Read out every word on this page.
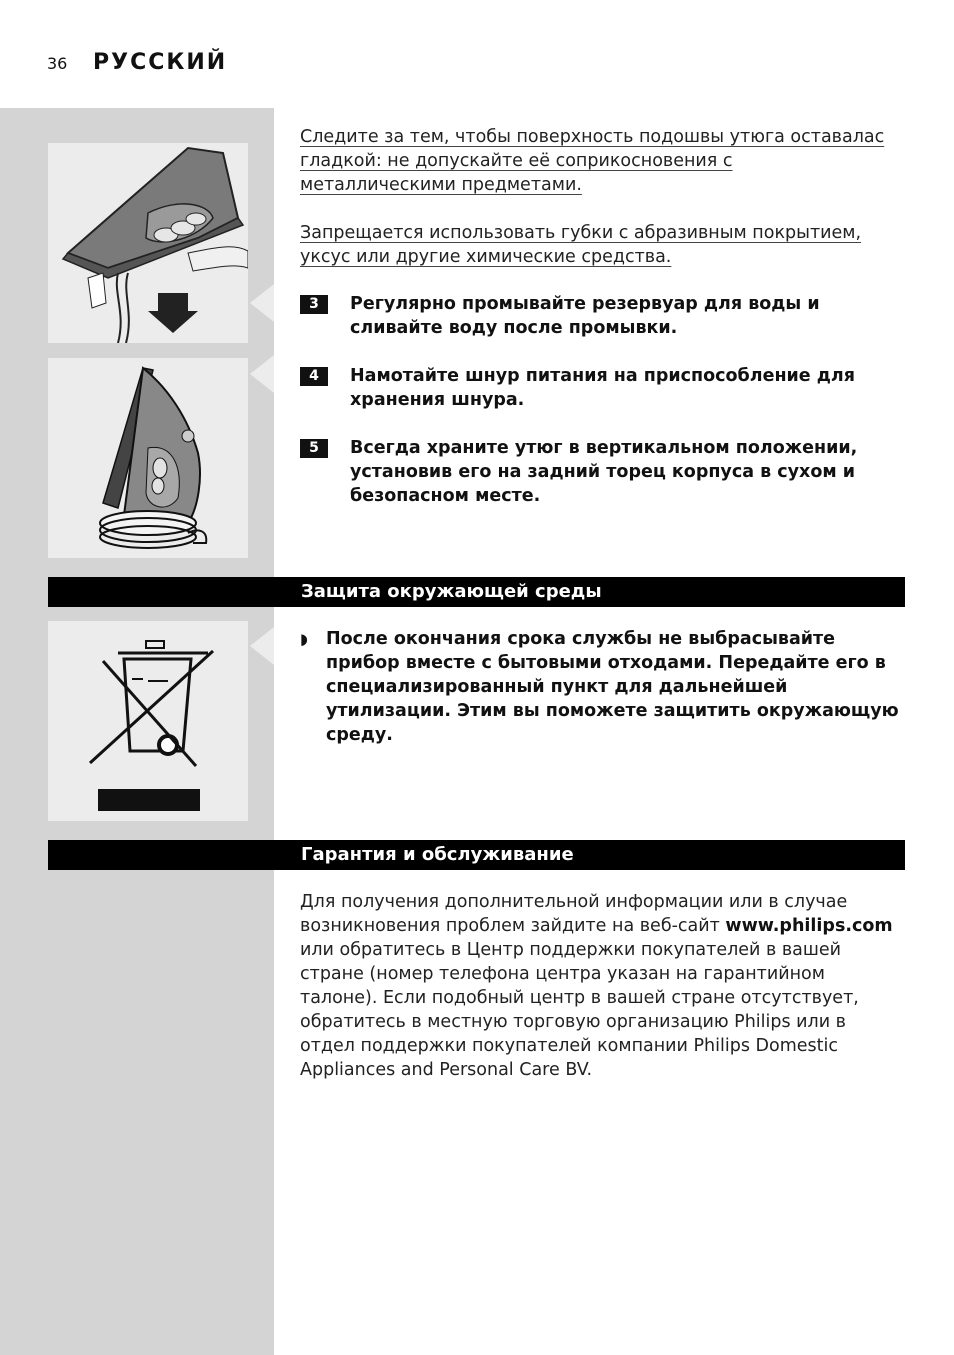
36 РУССКИЙ

Следите за тем, чтобы поверхность подошвы утюга оставалас гладкой: не допускайте её соприкосновения с металлическими предметами.

Запрещается использовать губки с абразивным покрытием, уксус или другие химические средства.

3	Регулярно промывайте резервуар для воды и сливайте воду после промывки.
4	Намотайте шнур питания на приспособление для хранения шнура.
5	Всегда храните утюг в вертикальном положении, установив его на задний торец корпуса в сухом и безопасном месте.
Защита окружающей среды
◗ После окончания срока службы не выбрасывайте прибор вместе с бытовыми отходами. Передайте его в специализированный пункт для дальнейшей утилизации. Этим вы поможете защитить окружающую среду.
Гарантия и обслуживание

Для получения дополнительной информации или в случае возникновения проблем зайдите на веб-сайт www.philips.com или обратитесь в Центр поддержки покупателей в вашей стране (номер телефона центра указан на гарантийном талоне). Если подобный центр в вашей стране отсутствует, обратитесь в местную торговую организацию Philips или в отдел поддержки покупателей компании Philips Domestic Appliances and Personal Care BV.
